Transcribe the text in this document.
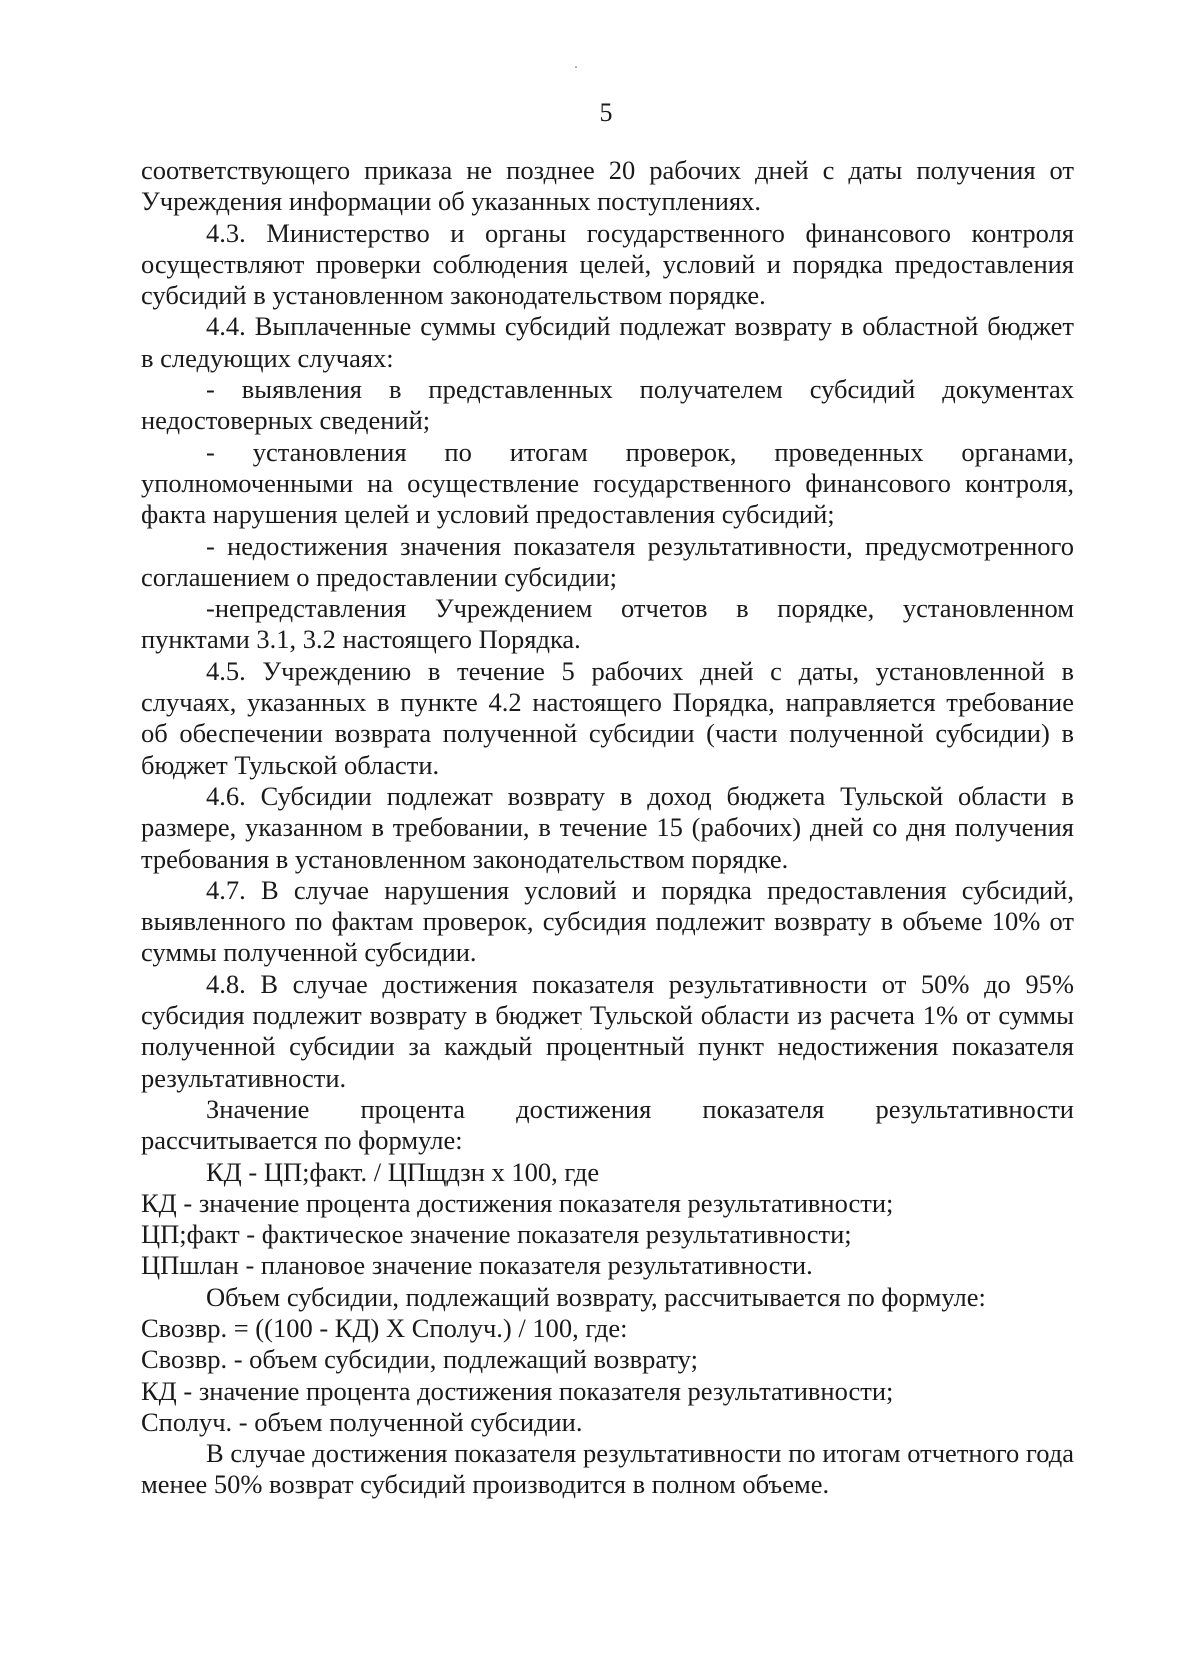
5

соответствующего приказа не позднее 20 рабочих дней с даты получения от Учреждения информации об указанных поступлениях.

4.3. Министерство и органы государственного финансового контроля осуществляют проверки соблюдения целей, условий и порядка предоставления субсидий в установленном законодательством порядке.

4.4. Выплаченные суммы субсидий подлежат возврату в областной бюджет в следующих случаях:

- выявления в представленных получателем субсидий документах недостоверных сведений;

- установления по итогам проверок, проведенных органами, уполномоченными на осуществление государственного финансового контроля, факта нарушения целей и условий предоставления субсидий;

- недостижения значения показателя результативности, предусмотренного соглашением о предоставлении субсидии;

-непредставления Учреждением отчетов в порядке, установленном пунктами 3.1, 3.2 настоящего Порядка.

4.5. Учреждению в течение 5 рабочих дней с даты, установленной в случаях, указанных в пункте 4.2 настоящего Порядка, направляется требование об обеспечении возврата полученной субсидии (части полученной субсидии) в бюджет Тульской области.

4.6. Субсидии подлежат возврату в доход бюджета Тульской области в размере, указанном в требовании, в течение 15 (рабочих) дней со дня получения требования в установленном законодательством порядке.

4.7. В случае нарушения условий и порядка предоставления субсидий, выявленного по фактам проверок, субсидия подлежит возврату в объеме 10% от суммы полученной субсидии.

4.8. В случае достижения показателя результативности от 50% до 95% субсидия подлежит возврату в бюджет Тульской области из расчета 1% от суммы полученной субсидии за каждый процентный пункт недостижения показателя результативности.

Значение процента достижения показателя результативности рассчитывается по формуле:

КД - ЦП;факт. / ЦПщдзн х 100, где

КД - значение процента достижения показателя результативности;

ЦП;факт - фактическое значение показателя результативности;

ЦПшлан - плановое значение показателя результативности.

Объем субсидии, подлежащий возврату, рассчитывается по формуле:

Свозвр. = ((100 - КД) X Сполуч.) / 100, где:

Свозвр. - объем субсидии, подлежащий возврату;

КД - значение процента достижения показателя результативности;

Сполуч. - объем полученной субсидии.

В случае достижения показателя результативности по итогам отчетного года менее 50% возврат субсидий производится в полном объеме.
